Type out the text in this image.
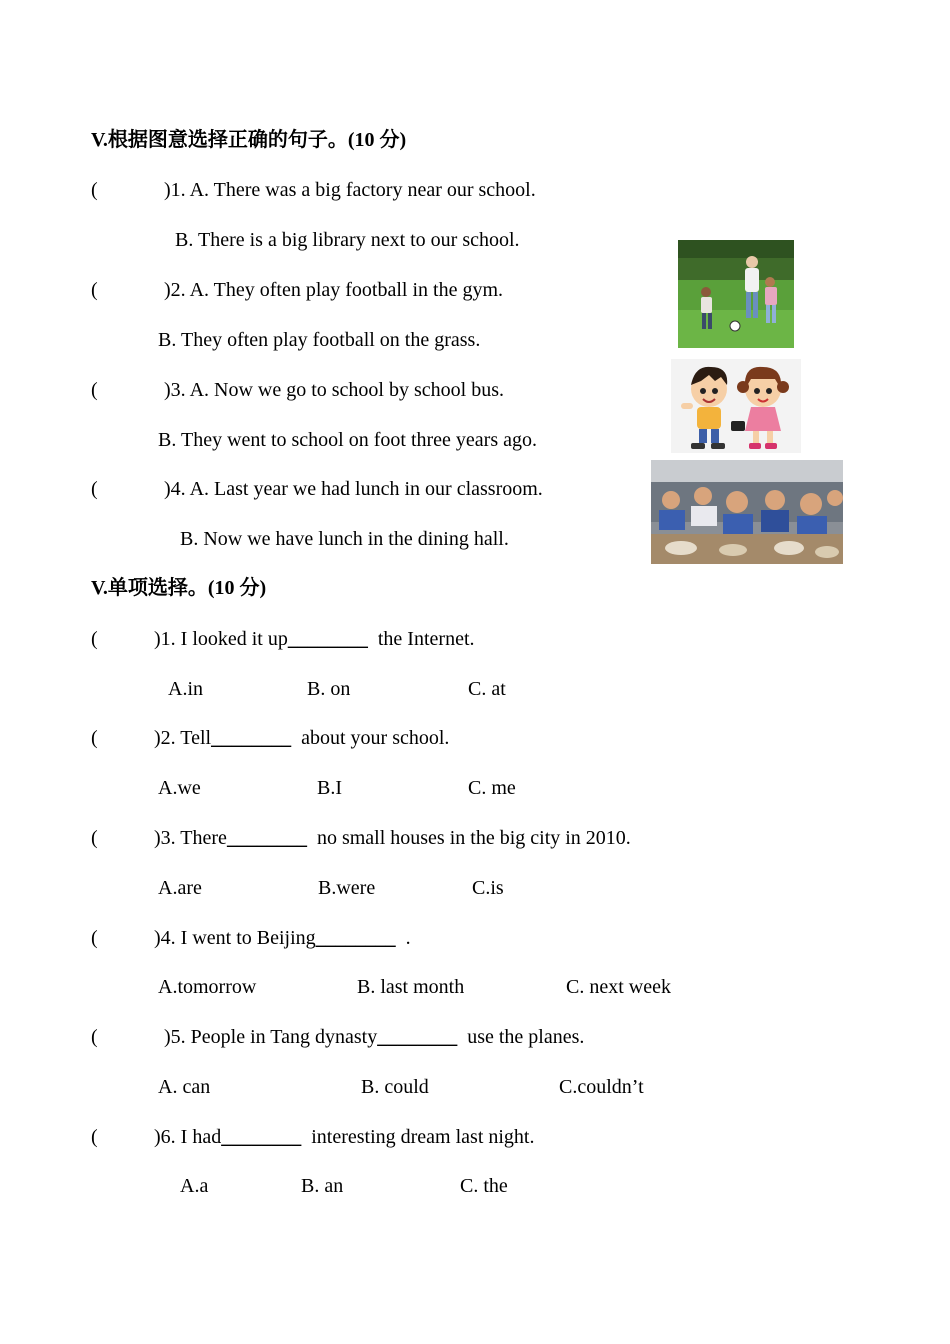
V.根据图意选择正确的句子。(10 分)
(	)1. A. There was a big factory near our school.
B. There is a big library next to our school.
(	)2. A. They often play football in the gym.
B. They often play football on the grass.
(	)3. A. Now we go to school by school bus.
B. They went to school on foot three years ago.
(	)4. A. Last year we had lunch in our classroom.
B. Now we have lunch in the dining hall.
V.单项选择。(10 分)
(	)1. I looked it up________  the Internet.
A.in	B. on	C. at
(	)2. Tell________  about your school.
A.we	B.I	C. me
(	)3. There________  no small houses in the big city in 2010.
A.are	B.were	C.is
(	)4. I went to Beijing________  .
A.tomorrow	B. last month	C. next week
(	)5. People in Tang dynasty________  use the planes.
A. can	B. could	C.couldn’t
(	)6. I had________  interesting dream last night.
A.a	B. an	C. the
